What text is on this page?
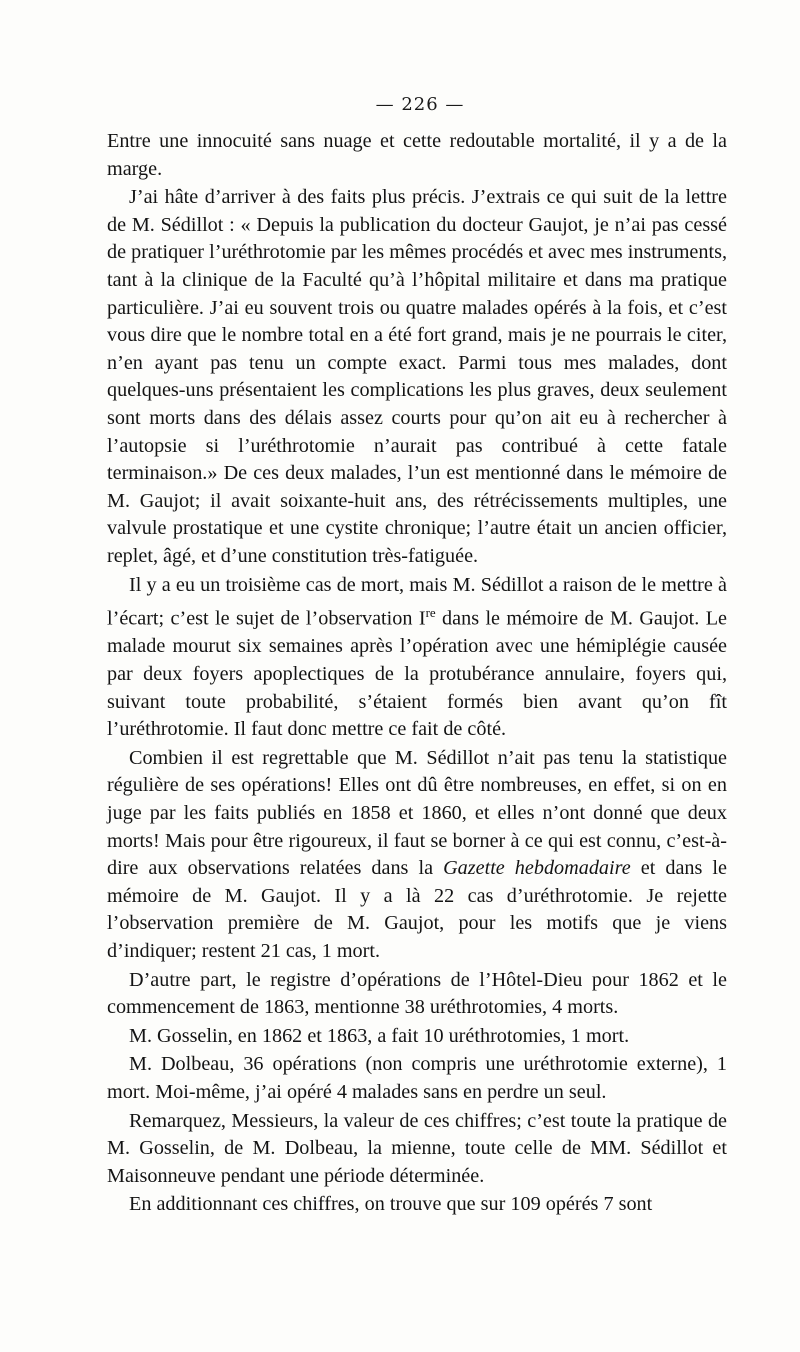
— 226 —

Entre une innocuité sans nuage et cette redoutable mortalité, il y a de la marge.

J’ai hâte d’arriver à des faits plus précis. J’extrais ce qui suit de la lettre de M. Sédillot : « Depuis la publication du docteur Gaujot, je n’ai pas cessé de pratiquer l’uréthrotomie par les mêmes procédés et avec mes instruments, tant à la clinique de la Faculté qu’à l’hôpital militaire et dans ma pratique particulière. J’ai eu souvent trois ou quatre malades opérés à la fois, et c’est vous dire que le nombre total en a été fort grand, mais je ne pourrais le citer, n’en ayant pas tenu un compte exact. Parmi tous mes malades, dont quelques-uns présentaient les complications les plus graves, deux seulement sont morts dans des délais assez courts pour qu’on ait eu à rechercher à l’autopsie si l’uréthrotomie n’aurait pas contribué à cette fatale terminaison.» De ces deux malades, l’un est mentionné dans le mémoire de M. Gaujot; il avait soixante-huit ans, des rétrécissements multiples, une valvule prostatique et une cystite chronique; l’autre était un ancien officier, replet, âgé, et d’une constitution très-fatiguée.

Il y a eu un troisième cas de mort, mais M. Sédillot a raison de le mettre à l’écart; c’est le sujet de l’observation Ire dans le mémoire de M. Gaujot. Le malade mourut six semaines après l’opération avec une hémiplégie causée par deux foyers apoplectiques de la protubérance annulaire, foyers qui, suivant toute probabilité, s’étaient formés bien avant qu’on fît l’uréthrotomie. Il faut donc mettre ce fait de côté.

Combien il est regrettable que M. Sédillot n’ait pas tenu la statistique régulière de ses opérations! Elles ont dû être nombreuses, en effet, si on en juge par les faits publiés en 1858 et 1860, et elles n’ont donné que deux morts! Mais pour être rigoureux, il faut se borner à ce qui est connu, c’est-à-dire aux observations relatées dans la Gazette hebdomadaire et dans le mémoire de M. Gaujot. Il y a là 22 cas d’uréthrotomie. Je rejette l’observation première de M. Gaujot, pour les motifs que je viens d’indiquer; restent 21 cas, 1 mort.

D’autre part, le registre d’opérations de l’Hôtel-Dieu pour 1862 et le commencement de 1863, mentionne 38 uréthrotomies, 4 morts.

M. Gosselin, en 1862 et 1863, a fait 10 uréthrotomies, 1 mort.

M. Dolbeau, 36 opérations (non compris une uréthrotomie externe), 1 mort. Moi-même, j’ai opéré 4 malades sans en perdre un seul.

Remarquez, Messieurs, la valeur de ces chiffres; c’est toute la pratique de M. Gosselin, de M. Dolbeau, la mienne, toute celle de MM. Sédillot et Maisonneuve pendant une période déterminée.

En additionnant ces chiffres, on trouve que sur 109 opérés 7 sont
